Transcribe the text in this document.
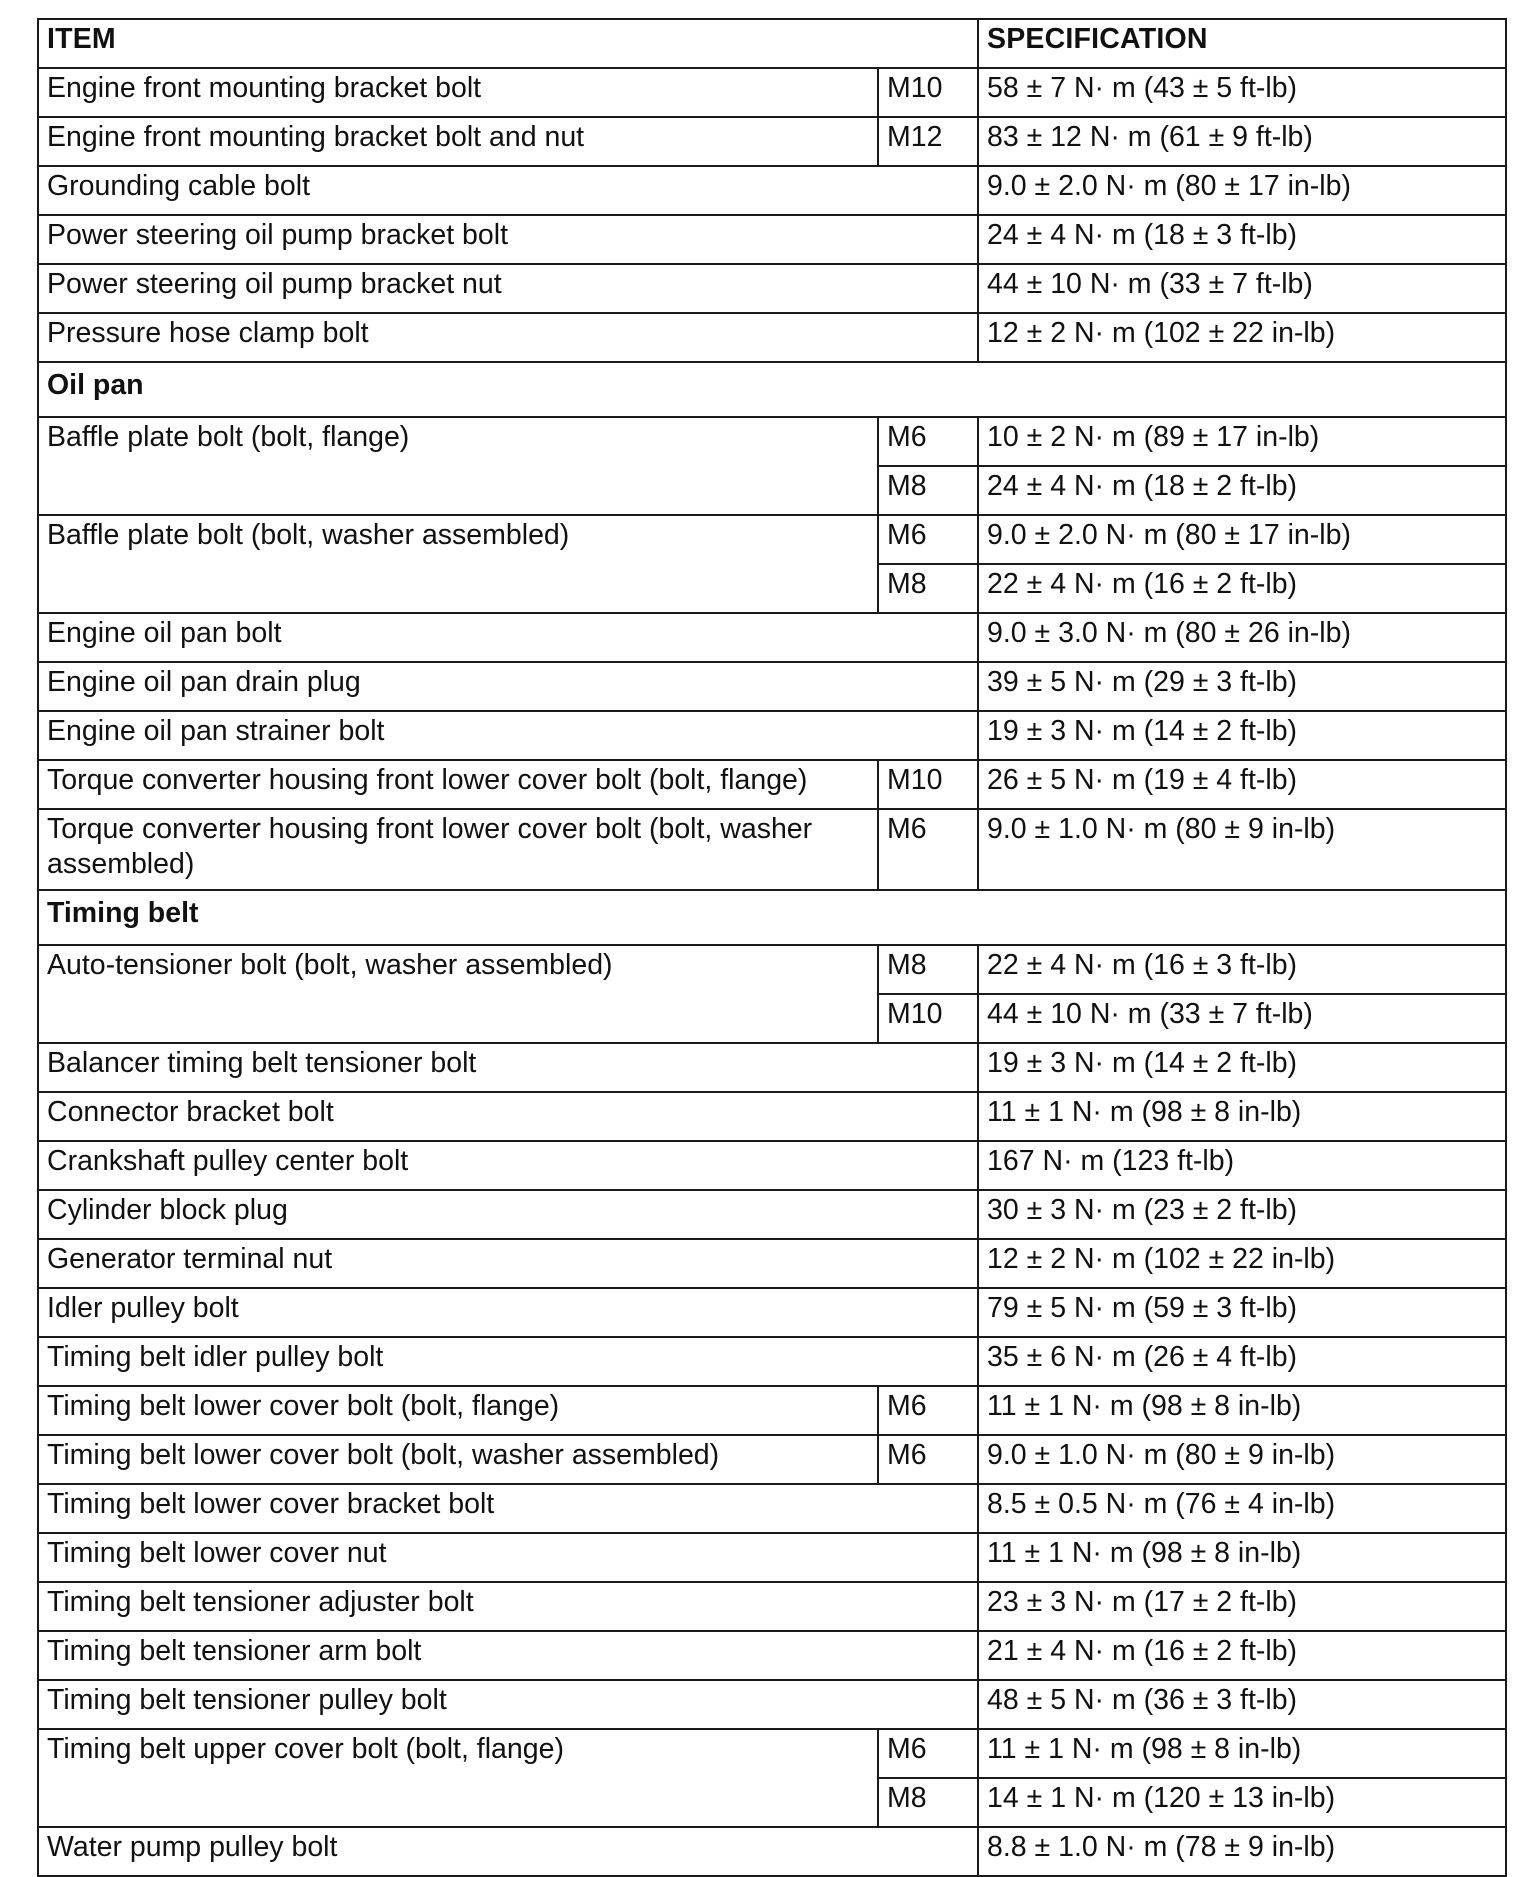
ITEM		SPECIFICATION
Engine front mounting bracket bolt	M10	58 ± 7 N· m (43 ± 5 ft-lb)
Engine front mounting bracket bolt and nut	M12	83 ± 12 N· m (61 ± 9 ft-lb)
Grounding cable bolt		9.0 ± 2.0 N· m (80 ± 17 in-lb)
Power steering oil pump bracket bolt		24 ± 4 N· m (18 ± 3 ft-lb)
Power steering oil pump bracket nut		44 ± 10 N· m (33 ± 7 ft-lb)
Pressure hose clamp bolt		12 ± 2 N· m (102 ± 22 in-lb)
Oil pan		
Baffle plate bolt (bolt, flange)	M6	10 ± 2 N· m (89 ± 17 in-lb)
	M8	24 ± 4 N· m (18 ± 2 ft-lb)
Baffle plate bolt (bolt, washer assembled)	M6	9.0 ± 2.0 N· m (80 ± 17 in-lb)
	M8	22 ± 4 N· m (16 ± 2 ft-lb)
Engine oil pan bolt		9.0 ± 3.0 N· m (80 ± 26 in-lb)
Engine oil pan drain plug		39 ± 5 N· m (29 ± 3 ft-lb)
Engine oil pan strainer bolt		19 ± 3 N· m (14 ± 2 ft-lb)
Torque converter housing front lower cover bolt (bolt, flange)	M10	26 ± 5 N· m (19 ± 4 ft-lb)
Torque converter housing front lower cover bolt (bolt, washer assembled)	M6	9.0 ± 1.0 N· m (80 ± 9 in-lb)
Timing belt		
Auto-tensioner bolt (bolt, washer assembled)	M8	22 ± 4 N· m (16 ± 3 ft-lb)
	M10	44 ± 10 N· m (33 ± 7 ft-lb)
Balancer timing belt tensioner bolt		19 ± 3 N· m (14 ± 2 ft-lb)
Connector bracket bolt		11 ± 1 N· m (98 ± 8 in-lb)
Crankshaft pulley center bolt		167 N· m (123 ft-lb)
Cylinder block plug		30 ± 3 N· m (23 ± 2 ft-lb)
Generator terminal nut		12 ± 2 N· m (102 ± 22 in-lb)
Idler pulley bolt		79 ± 5 N· m (59 ± 3 ft-lb)
Timing belt idler pulley bolt		35 ± 6 N· m (26 ± 4 ft-lb)
Timing belt lower cover bolt (bolt, flange)	M6	11 ± 1 N· m (98 ± 8 in-lb)
Timing belt lower cover bolt (bolt, washer assembled)	M6	9.0 ± 1.0 N· m (80 ± 9 in-lb)
Timing belt lower cover bracket bolt		8.5 ± 0.5 N· m (76 ± 4 in-lb)
Timing belt lower cover nut		11 ± 1 N· m (98 ± 8 in-lb)
Timing belt tensioner adjuster bolt		23 ± 3 N· m (17 ± 2 ft-lb)
Timing belt tensioner arm bolt		21 ± 4 N· m (16 ± 2 ft-lb)
Timing belt tensioner pulley bolt		48 ± 5 N· m (36 ± 3 ft-lb)
Timing belt upper cover bolt (bolt, flange)	M6	11 ± 1 N· m (98 ± 8 in-lb)
	M8	14 ± 1 N· m (120 ± 13 in-lb)
Water pump pulley bolt		8.8 ± 1.0 N· m (78 ± 9 in-lb)
